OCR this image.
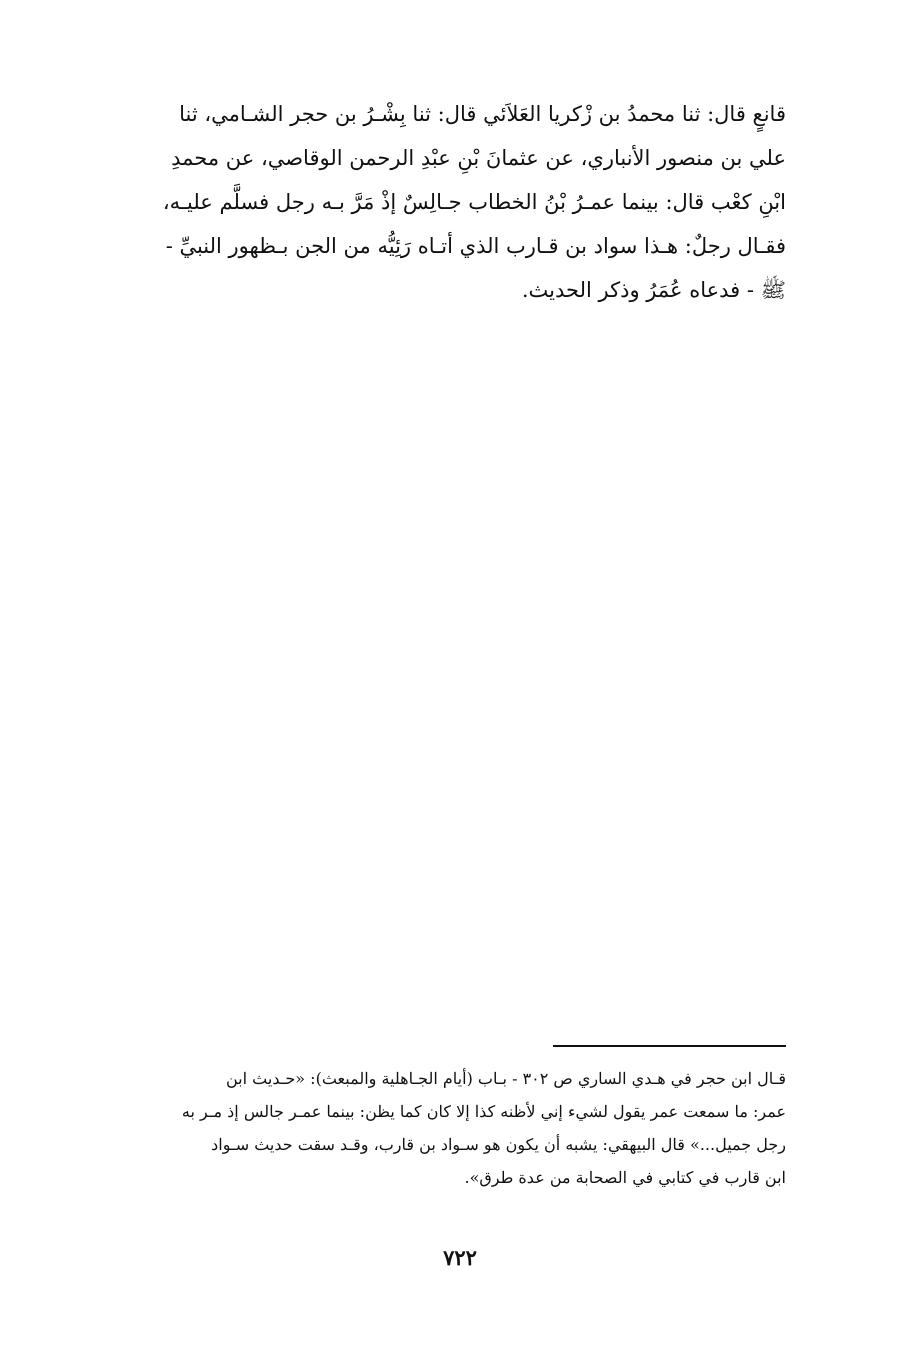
قانعٍ قال: ثنا محمدُ بن زْكريا العَلاَئي قال: ثنا بِشْـرُ بن حجر الشـامي، ثنا
علي بن منصور الأنباري، عن عثمانَ بْنِ عبْدِ الرحمن الوقاصي، عن محمدِ
ابْنِ كعْب قال: بينما عمـرُ بْنُ الخطاب جـالِسٌ إذْ مَرَّ بـه رجل فسلَّم عليـه،
فقـال رجلٌ: هـذا سواد بن قـارب الذي أتـاه رَئِيُّه من الجن بـظهور النبيِّ -
ﷺ - فدعاه عُمَرُ وذكر الحديث.
قـال ابن حجر في هـدي الساري ص ٣٠٢ - بـاب (أيام الجـاهلية والمبعث): «حـديث ابن
عمر: ما سمعت عمر يقول لشيء إني لأظنه كذا إلا كان كما يظن: بينما عمـر جالس إذ مـر به
رجل جميل...» قال البيهقي: يشبه أن يكون هو سـواد بن قارب، وقـد سقت حديث سـواد
ابن قارب في كتابي في الصحابة من عدة طرق».
٧٢٢
